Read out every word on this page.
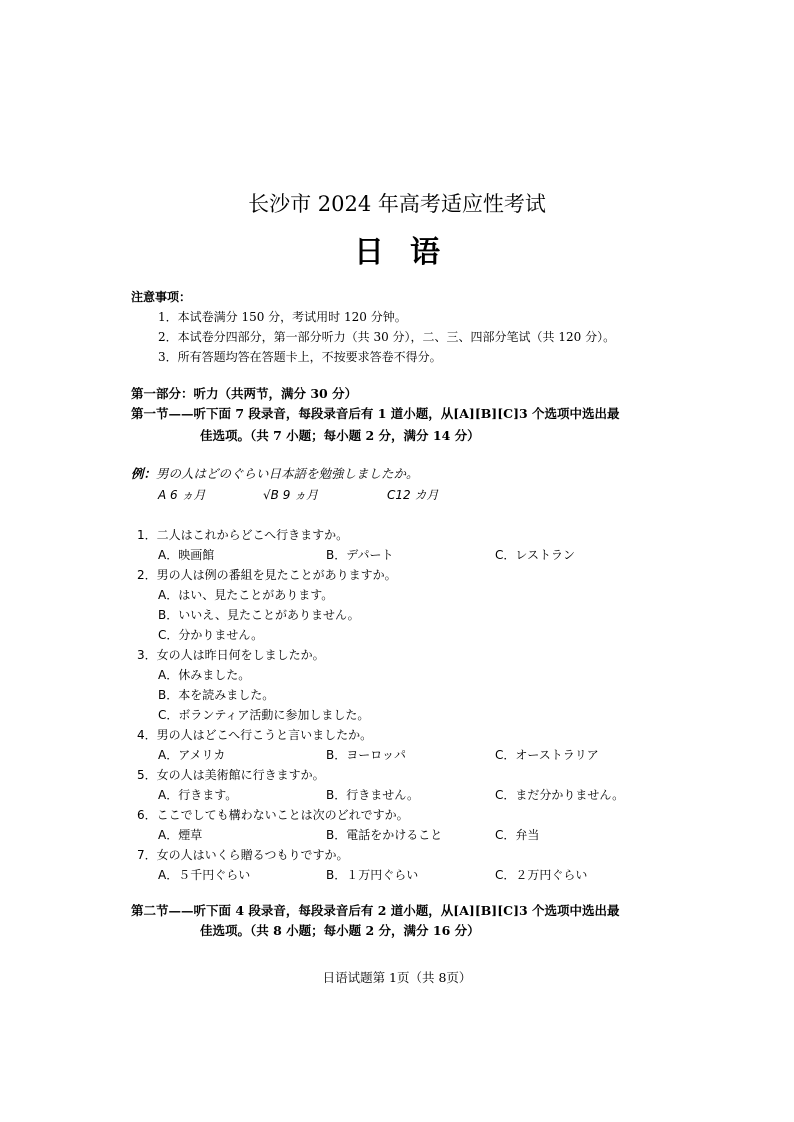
长沙市 2024 年高考适应性考试
日语
注意事项：
1．本试卷满分 150 分，考试用时 120 分钟。
2．本试卷分四部分，第一部分听力（共 30 分），二、三、四部分笔试（共 120 分）。
3．所有答题均答在答题卡上，不按要求答卷不得分。
第一部分：听力（共两节，满分 30 分）
第一节——听下面 7 段录音，每段录音后有 1 道小题，从[A][B][C]3 个选项中选出最
佳选项。（共 7 小题；每小题 2 分，满分 14 分）
例：男の人はどのぐらい日本語を勉強しましたか。
A 6 ヵ月	√B 9 ヵ月	C12 カ月
1．二人はこれからどこへ行きますか。
A．映画館	B．デパート	C．レストラン
2．男の人は例の番組を見たことがありますか。
A．はい、見たことがあります。
B．いいえ、見たことがありません。
C．分かりません。
3．女の人は昨日何をしましたか。
A．休みました。
B．本を読みました。
C．ボランティア活動に参加しました。
4．男の人はどこへ行こうと言いましたか。
A．アメリカ	B．ヨーロッパ	C．オーストラリア
5．女の人は美術館に行きますか。
A．行きます。	B．行きません。	C．まだ分かりません。
6．ここでしても構わないことは次のどれですか。
A．煙草	B．電話をかけること	C．弁当
7．女の人はいくら贈るつもりですか。
A．５千円ぐらい	B．１万円ぐらい	C．２万円ぐらい
第二节——听下面 4 段录音，每段录音后有 2 道小题，从[A][B][C]3 个选项中选出最
佳选项。（共 8 小题；每小题 2 分，满分 16 分）
日语试题第 1页（共 8页）
